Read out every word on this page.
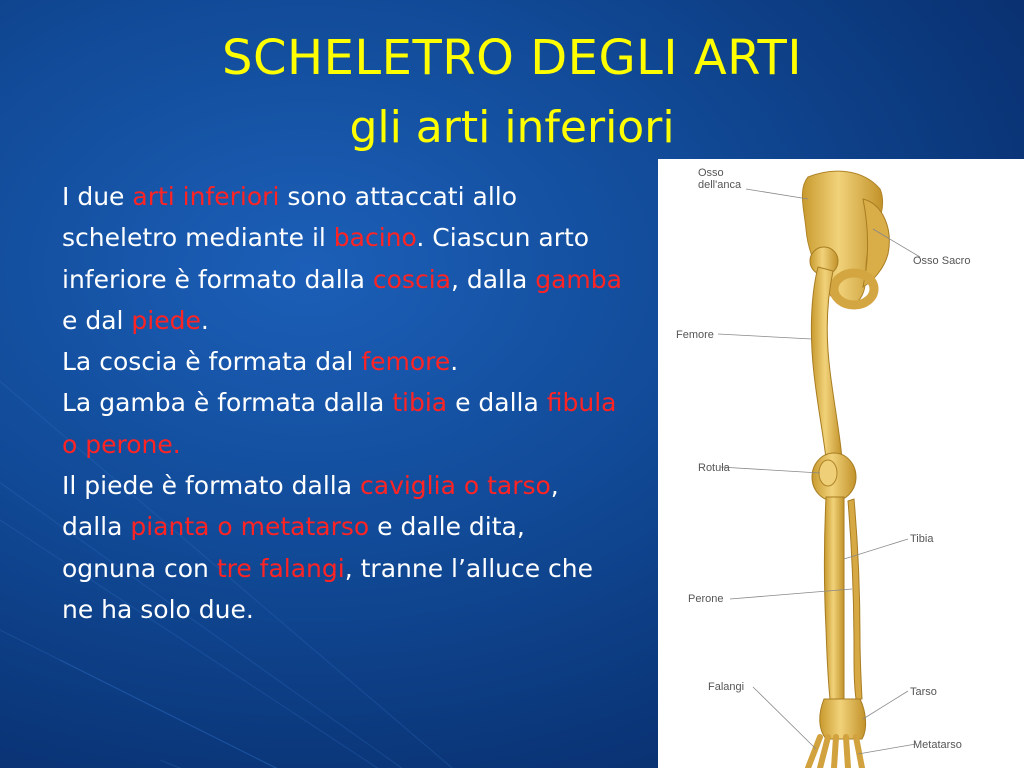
SCHELETRO DEGLI ARTI
gli arti inferiori
I due arti inferiori sono attaccati allo scheletro mediante il bacino. Ciascun arto inferiore è formato dalla coscia, dalla gamba e dal piede.
La coscia è formata dal femore.
La gamba è formata dalla tibia e dalla fibula o perone.
Il piede è formato dalla caviglia o tarso, dalla pianta o metatarso e dalle dita, ognuna con tre falangi, tranne l’alluce che ne ha solo due.
Osso
dell'anca
Osso Sacro
Femore
Rotula
Tibia
Perone
Falangi	Tarso
Metatarso
